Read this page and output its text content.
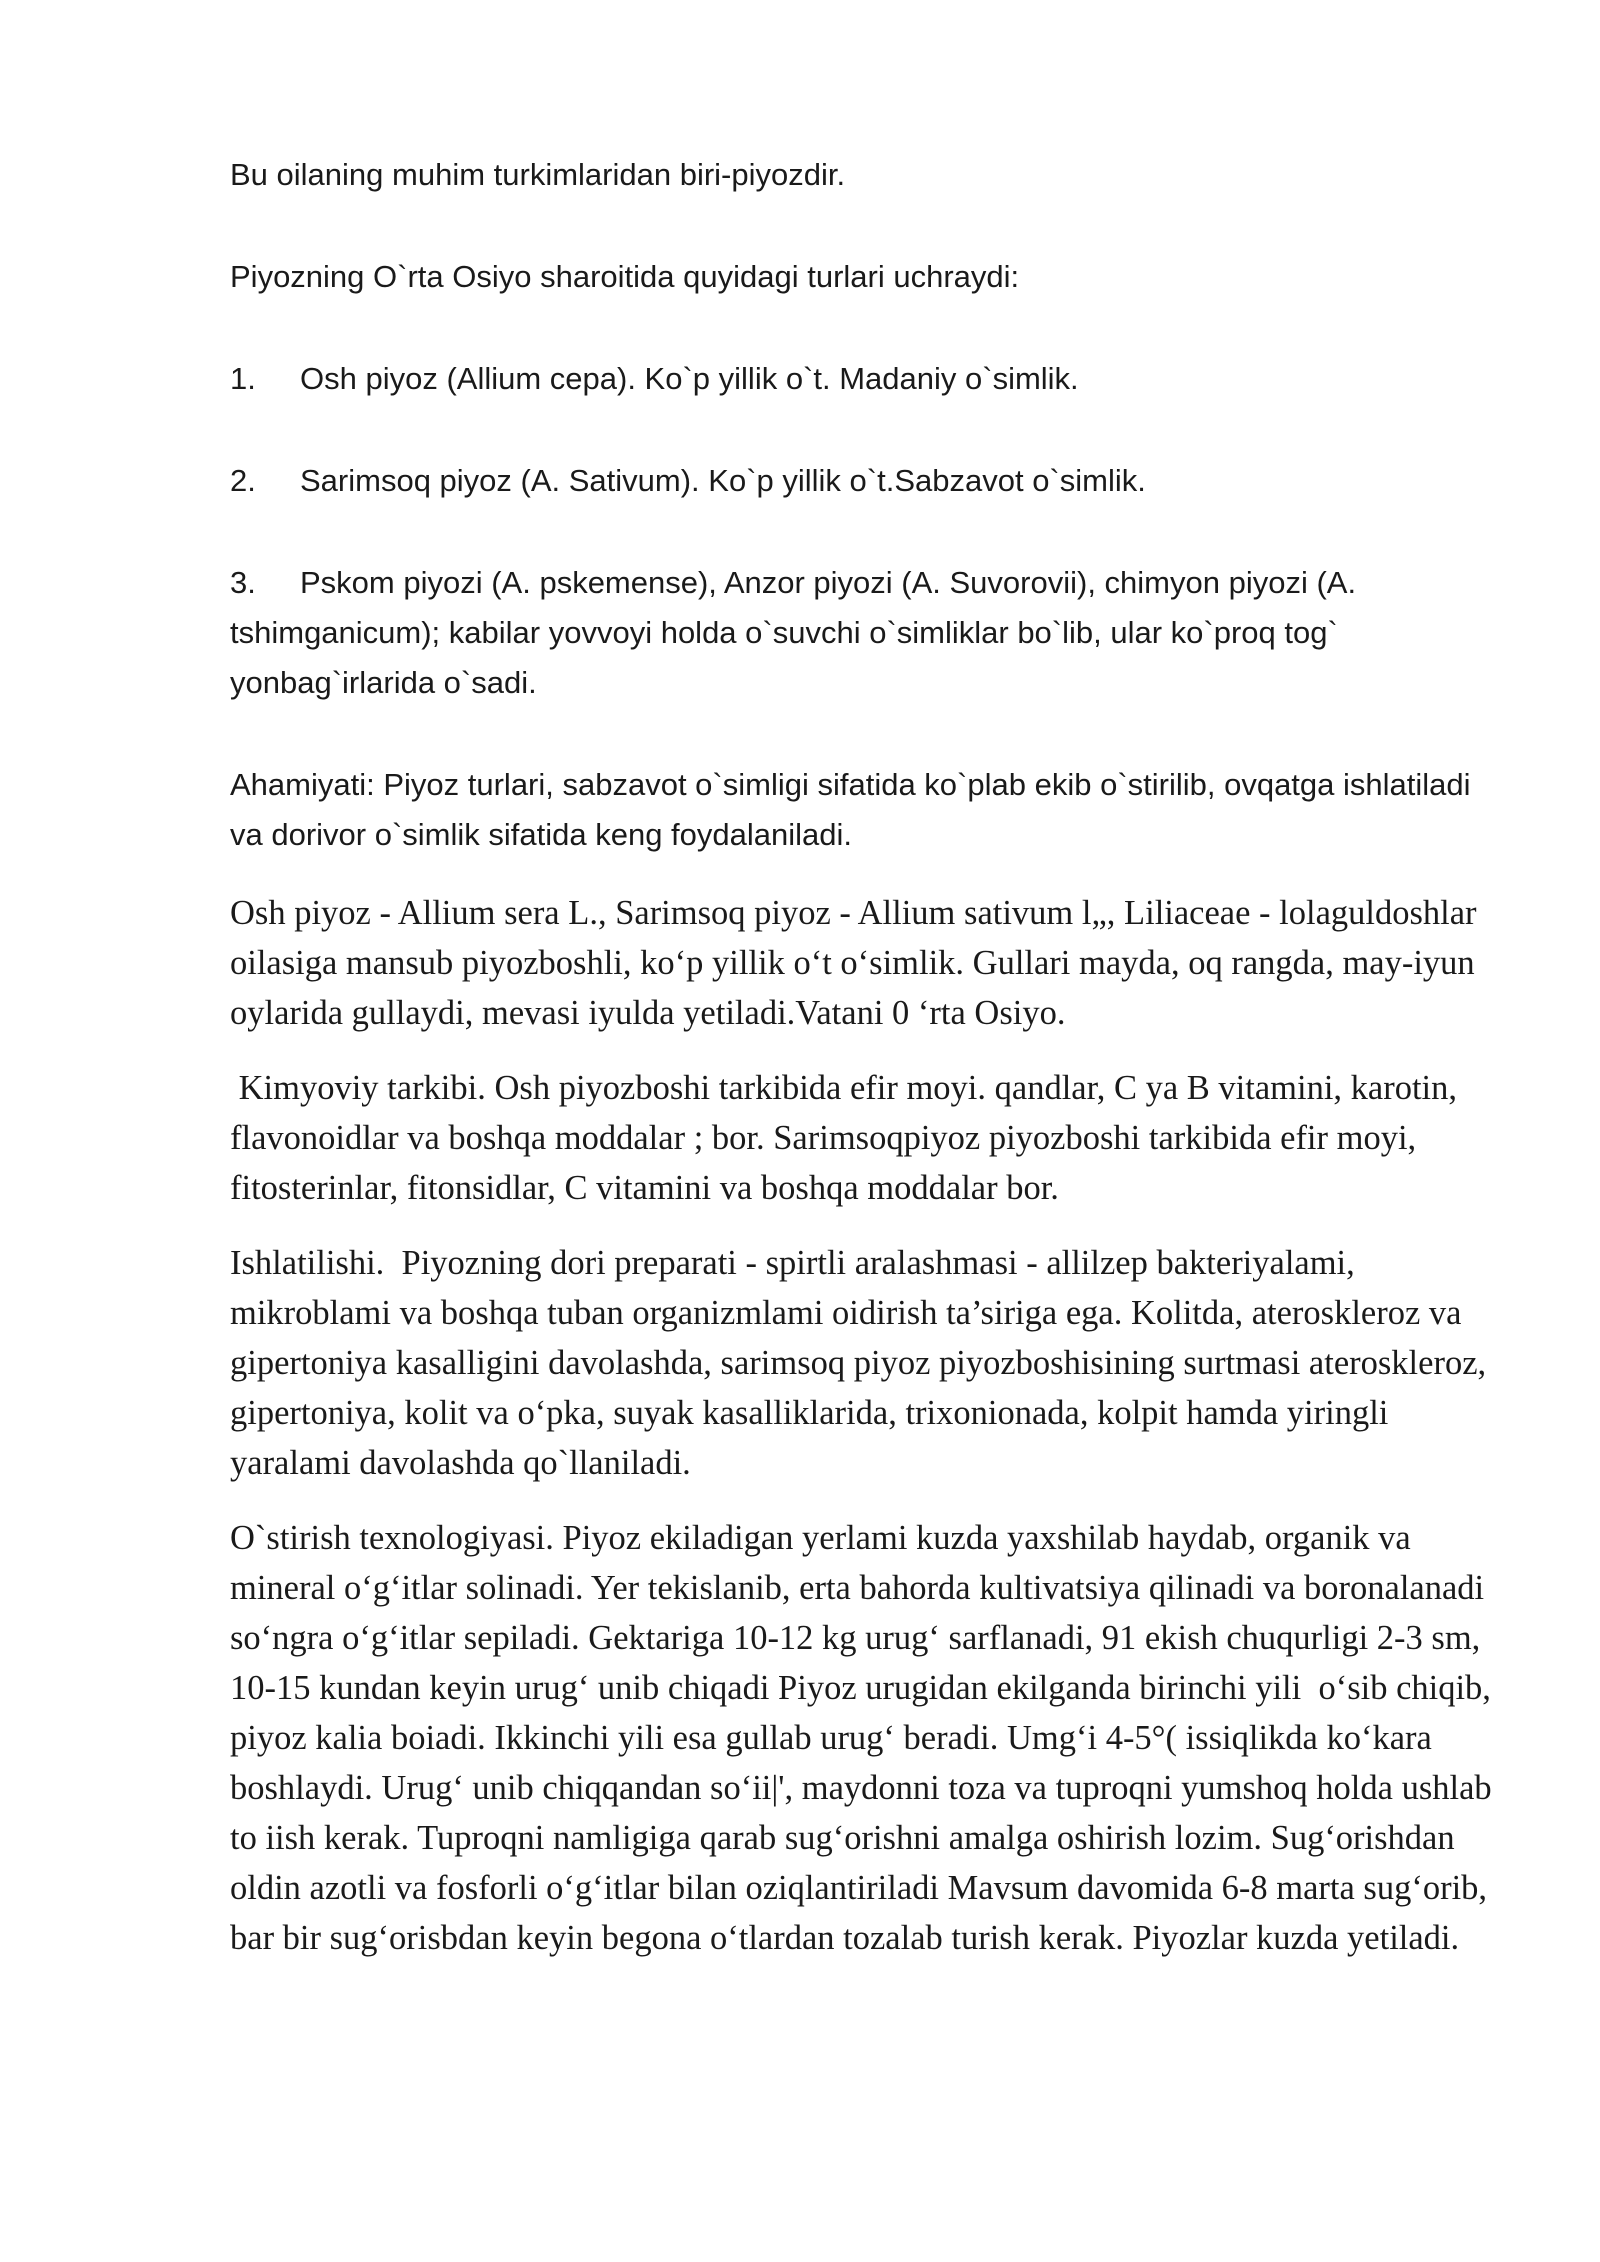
Bu oilaning muhim turkimlaridan biri-piyozdir.

Piyozning O`rta Osiyo sharoitida quyidagi turlari uchraydi:

1. Osh piyoz (Allium cepa). Ko`p yillik o`t. Madaniy o`simlik.
2. Sarimsoq piyoz (A. Sativum). Ko`p yillik o`t.Sabzavot o`simlik.
3. Pskom piyozi (A. pskemense), Anzor piyozi (A. Suvorovii), chimyon piyozi (A. tshimganicum); kabilar yovvoyi holda o`suvchi o`simliklar bo`lib, ular ko`proq tog` yonbag`irlarida o`sadi.

Ahamiyati: Piyoz turlari, sabzavot o`simligi sifatida ko`plab ekib o`stirilib, ovqatga ishlatiladi va dorivor o`simlik sifatida keng foydalaniladi.

Osh piyoz - Allium sera L., Sarimsoq piyoz - Allium sativum l„, Liliaceae - lolaguldoshlar oilasiga mansub piyozboshli, ko‘p yillik o‘t o‘simlik. Gullari mayda, oq rangda, may-iyun oylarida gullaydi, mevasi iyulda yetiladi.Vatani 0 ‘rta Osiyo.

Kimyoviy tarkibi. Osh piyozboshi tarkibida efir moyi. qandlar, C ya B vitamini, karotin, flavonoidlar va boshqa moddalar ; bor. Sarimsoqpiyoz piyozboshi tarkibida efir moyi, fitosterinlar, fitonsidlar, C vitamini va boshqa moddalar bor.

Ishlatilishi.  Piyozning dori preparati - spirtli aralashmasi - allilzep bakteriyalami, mikroblami va boshqa tuban organizmlami oidirish ta’siriga ega. Kolitda, ateroskleroz va gipertoniya kasalligini davolashda, sarimsoq piyoz piyozboshisining surtmasi ateroskleroz, gipertoniya, kolit va o‘pka, suyak kasalliklarida, trixonionada, kolpit hamda yiringli yaralami davolashda qo`llaniladi.

O`stirish texnologiyasi. Piyoz ekiladigan yerlami kuzda yaxshilab haydab, organik va mineral o‘g‘itlar solinadi. Yer tekislanib, erta bahorda kultivatsiya qilinadi va boronalanadi so‘ngra o‘g‘itlar sepiladi. Gektariga 10-12 kg urug‘ sarflanadi, 91 ekish chuqurligi 2-3 sm, 10-15 kundan keyin urug‘ unib chiqadi Piyoz urugidan ekilganda birinchi yili  o‘sib chiqib, piyoz kalia boiadi. Ikkinchi yili esa gullab urug‘ beradi. Umg‘i 4-5°( issiqlikda ko‘kara boshlaydi. Urug‘ unib chiqqandan so‘ii|', maydonni toza va tuproqni yumshoq holda ushlab to iish kerak. Tuproqni namligiga qarab sug‘orishni amalga oshirish lozim. Sug‘orishdan oldin azotli va fosforli o‘g‘itlar bilan oziqlantiriladi Mavsum davomida 6-8 marta sug‘orib, bar bir sug‘orisbdan keyin begona o‘tlardan tozalab turish kerak. Piyozlar kuzda yetiladi.
